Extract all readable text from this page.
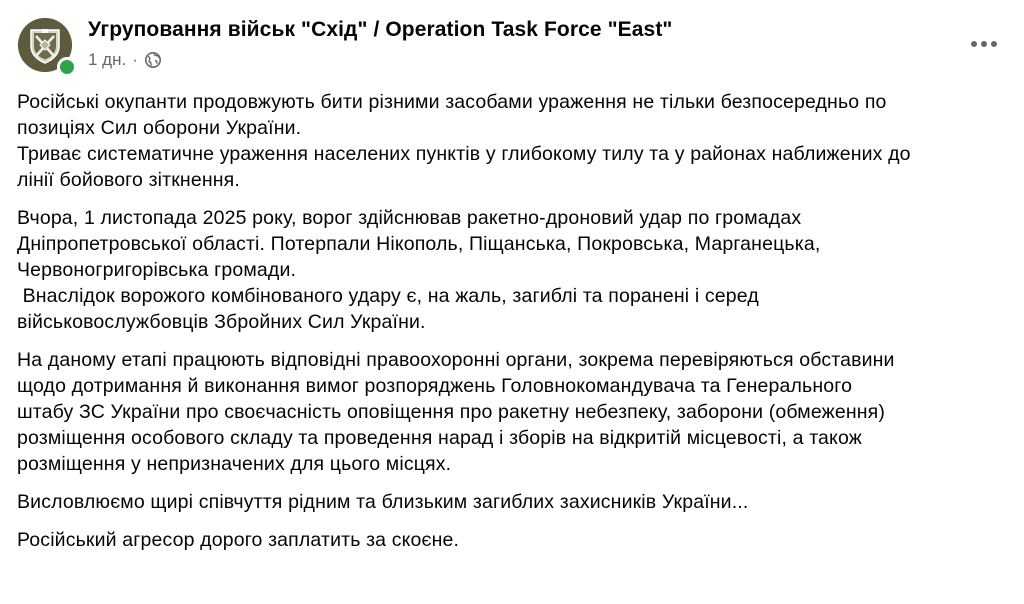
Угруповання військ "Схід" / Operation Task Force "East"
1 дн. ·

Російські окупанти продовжують бити різними засобами ураження не тільки безпосередньо по
позиціях Сил оборони України.
Триває систематичне ураження населених пунктів у глибокому тилу та у районах наближених до
лінії бойового зіткнення.

Вчора, 1 листопада 2025 року, ворог здійснював ракетно-дроновий удар по громадах
Дніпропетровської області. Потерпали Нікополь, Піщанська, Покровська, Марганецька,
Червоногригорівська громади.
Внаслідок ворожого комбінованого удару є, на жаль, загиблі та поранені і серед
військовослужбовців Збройних Сил України.

На даному етапі працюють відповідні правоохоронні органи, зокрема перевіряються обставини
щодо дотримання й виконання вимог розпоряджень Головнокомандувача та Генерального
штабу ЗС України про своєчасність оповіщення про ракетну небезпеку, заборони (обмеження)
розміщення особового складу та проведення нарад і зборів на відкритій місцевості, а також
розміщення у непризначених для цього місцях.

Висловлюємо щирі співчуття рідним та близьким загиблих захисників України...

Російський агресор дорого заплатить за скоєне.
